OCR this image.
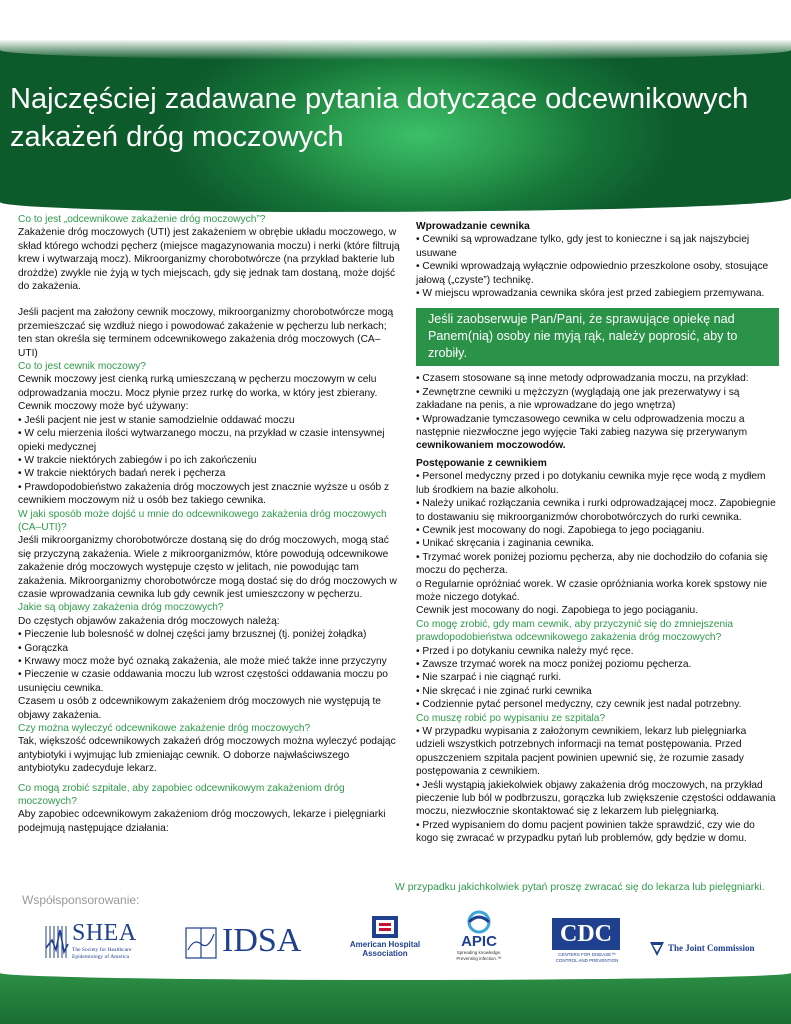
Najczęściej zadawane pytania dotyczące odcewnikowych zakażeń dróg moczowych

Co to jest „odcewnikowe zakażenie dróg moczowych”?

Zakażenie dróg moczowych (UTI) jest zakażeniem w obrębie układu moczowego, w skład którego wchodzi pęcherz (miejsce magazynowania moczu) i nerki (które filtrują krew i wytwarzają mocz). Mikroorganizmy chorobotwórcze (na przykład bakterie lub drożdże) zwykle nie żyją w tych miejscach, gdy się jednak tam dostaną, może dojść do zakażenia.

Jeśli pacjent ma założony cewnik moczowy, mikroorganizmy chorobotwórcze mogą przemieszczać się wzdłuż niego i powodować zakażenie w pęcherzu lub nerkach; ten stan określa się terminem odcewnikowego zakażenia dróg moczowych (CA–UTI)

Co to jest cewnik moczowy?

Cewnik moczowy jest cienką rurką umieszczaną w pęcherzu moczowym w celu odprowadzania moczu. Mocz płynie przez rurkę do worka, w który jest zbierany.

Cewnik moczowy może być używany:

• Jeśli pacjent nie jest w stanie samodzielnie oddawać moczu

• W celu mierzenia ilości wytwarzanego moczu, na przykład w czasie intensywnej opieki medycznej

• W trakcie niektórych zabiegów i po ich zakończeniu

• W trakcie niektórych badań nerek i pęcherza

• Prawdopodobieństwo zakażenia dróg moczowych jest znacznie wyższe u osób z cewnikiem moczowym niż u osób bez takiego cewnika.

W jaki sposób może dojść u mnie do odcewnikowego zakażenia dróg moczowych (CA–UTI)?

Jeśli mikroorganizmy chorobotwórcze dostaną się do dróg moczowych, mogą stać się przyczyną zakażenia. Wiele z mikroorganizmów, które powodują odcewnikowe zakażenie dróg moczowych występuje często w jelitach, nie powodując tam zakażenia. Mikroorganizmy chorobotwórcze mogą dostać się do dróg moczowych w czasie wprowadzania cewnika lub gdy cewnik jest umieszczony w pęcherzu.

Jakie są objawy zakażenia dróg moczowych?

Do częstych objawów zakażenia dróg moczowych należą:

• Pieczenie lub bolesność w dolnej części jamy brzusznej (tj. poniżej żołądka)

• Gorączka

• Krwawy mocz może być oznaką zakażenia, ale może mieć także inne przyczyny

• Pieczenie w czasie oddawania moczu lub wzrost częstości oddawania moczu po usunięciu cewnika.

Czasem u osób z odcewnikowym zakażeniem dróg moczowych nie występują te objawy zakażenia.

Czy można wyleczyć odcewnikowe zakażenie dróg moczowych?

Tak, większość odcewnikowych zakażeń dróg moczowych można wyleczyć podając antybiotyki i wyjmując lub zmieniając cewnik. O doborze najwłaściwszego antybiotyku zadecyduje lekarz.

Co mogą zrobić szpitale, aby zapobiec odcewnikowym zakażeniom dróg moczowych?

Aby zapobiec odcewnikowym zakażeniom dróg moczowych, lekarze i pielęgniarki podejmują następujące działania:

Wprowadzanie cewnika

• Cewniki są wprowadzane tylko, gdy jest to konieczne i są jak najszybciej usuwane

• Cewniki wprowadzają wyłącznie odpowiednio przeszkolone osoby, stosujące jałową („czyste”) technikę.

• W miejscu wprowadzania cewnika skóra jest przed zabiegiem przemywana.

Jeśli zaobserwuje Pan/Pani, że sprawujące opiekę nad Panem(nią) osoby nie myją rąk, należy poprosić, aby to zrobiły.

• Czasem stosowane są inne metody odprowadzania moczu, na przykład:

• Zewnętrzne cewniki u mężczyzn (wyglądają one jak prezerwatywy i są zakładane na penis, a nie wprowadzane do jego wnętrza)

• Wprowadzanie tymczasowego cewnika w celu odprowadzenia moczu a następnie niezwłoczne jego wyjęcie Taki zabieg nazywa się przerywanym cewnikowaniem moczowodów.

Postępowanie z cewnikiem

• Personel medyczny przed i po dotykaniu cewnika myje ręce wodą z mydłem lub środkiem na bazie alkoholu.

• Należy unikać rozłączania cewnika i rurki odprowadzającej mocz. Zapobiegnie to dostawaniu się mikroorganizmów chorobotwórczych do rurki cewnika.

• Cewnik jest mocowany do nogi. Zapobiega to jego pociąganiu.

• Unikać skręcania i zaginania cewnika.

• Trzymać worek poniżej poziomu pęcherza, aby nie dochodziło do cofania się moczu do pęcherza.

o Regularnie opróżniać worek. W czasie opróżniania worka korek spstowy nie może niczego dotykać.

Cewnik jest mocowany do nogi. Zapobiega to jego pociąganiu.

Co mogę zrobić, gdy mam cewnik, aby przyczynić się do zmniejszenia prawdopodobieństwa odcewnikowego zakażenia dróg moczowych?

• Przed i po dotykaniu cewnika należy myć ręce.

• Zawsze trzymać worek na mocz poniżej poziomu pęcherza.

• Nie szarpać i nie ciągnąć rurki.

• Nie skręcać i nie zginać rurki cewnika

• Codziennie pytać personel medyczny, czy cewnik jest nadal potrzebny.

Co muszę robić po wypisaniu ze szpitala?

• W przypadku wypisania z założonym cewnikiem, lekarz lub pielęgniarka udzieli wszystkich potrzebnych informacji na temat postępowania. Przed opuszczeniem szpitala pacjent powinien upewnić się, że rozumie zasady postępowania z cewnikiem.

• Jeśli wystąpią jakiekolwiek objawy zakażenia dróg moczowych, na przykład pieczenie lub ból w podbrzuszu, gorączka lub zwiększenie częstości oddawania moczu, niezwłocznie skontaktować się z lekarzem lub pielęgniarką.

• Przed wypisaniem do domu pacjent powinien także sprawdzić, czy wie do kogo się zwracać w przypadku pytań lub problemów, gdy będzie w domu.

W przypadku jakichkolwiek pytań proszę zwracać się do lekarza lub pielęgniarki.
Współsponsorowanie:
SHEA
The Society for Healthcare
Epidemiology of America	IDSA	American Hospital
Association
APIC
Spreading knowledge.
Preventing infection.™
CDC
CENTERS FOR DISEASE™
CONTROL AND PREVENTION
The Joint Commission
